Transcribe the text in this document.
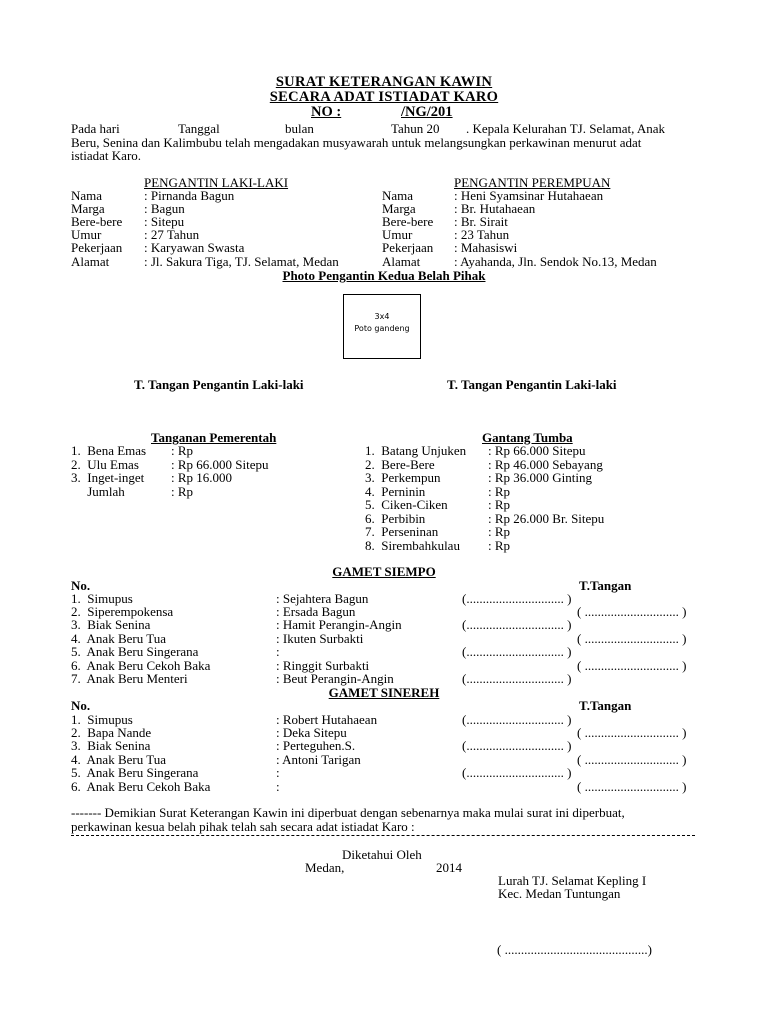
SURAT KETERANGAN KAWIN
SECARA ADAT ISTIADAT KARO
NO :	/NG/201
Pada hari	Tanggal	bulan	Tahun 20 . Kepala Kelurahan TJ. Selamat, Anak
Beru, Senina dan Kalimbubu telah mengadakan musyawarah untuk melangsungkan perkawinan menurut adat
istiadat Karo.
PENGANTIN LAKI-LAKI
Nama	: Pirnanda Bagun
Marga	: Bagun
Bere-bere : Sitepu
Umur	: 27 Tahun
Pekerjaan : Karyawan Swasta
Alamat	: Jl. Sakura Tiga, TJ. Selamat, Medan
PENGANTIN PEREMPUAN
Nama	: Heni Syamsinar Hutahaean
Marga	: Br. Hutahaean
Bere-bere : Br. Sirait
Umur	: 23 Tahun
Pekerjaan : Mahasiswi
Alamat	: Ayahanda, Jln. Sendok No.13, Medan
Photo Pengantin Kedua Belah Pihak
3x4
Poto gandeng
T. Tangan Pengantin Laki-laki	T. Tangan Pengantin Laki-laki
Tanganan Pemerentah
1.  Bena Emas : Rp
2.  Ulu Emas : Rp 66.000 Sitepu
3.  Inget-inget : Rp 16.000
Jumlah	: Rp
Gantang Tumba
1.  Batang Unjuken : Rp 66.000 Sitepu
2.  Bere-Bere	: Rp 46.000 Sebayang
3.  Perkempun	: Rp 36.000 Ginting
4.  Perninin	: Rp
5.  Ciken-Ciken	: Rp
6.  Perbibin	: Rp 26.000 Br. Sitepu
7.  Perseninan	: Rp
8.  Sirembahkulau : Rp
GAMET SIEMPO
No.	T.Tangan
1.  Simupus	: Sejahtera Bagun	(.............................. )
2.  Siperempokensa	: Ersada Bagun	( ............................. )
3.  Biak Senina	: Hamit Perangin-Angin	(.............................. )
4.  Anak Beru Tua	: Ikuten Surbakti	( ............................. )
5.  Anak Beru Singerana	:	(.............................. )
6.  Anak Beru Cekoh Baka	: Ringgit Surbakti	( ............................. )
7.  Anak Beru Menteri	: Beut Perangin-Angin	(.............................. )
GAMET SINEREH
No.	T.Tangan
1.  Simupus	: Robert Hutahaean	(.............................. )
2.  Bapa Nande	: Deka Sitepu	( ............................. )
3.  Biak Senina	: Perteguhen.S.	(.............................. )
4.  Anak Beru Tua	: Antoni Tarigan	( ............................. )
5.  Anak Beru Singerana	:	(.............................. )
6.  Anak Beru Cekoh Baka	:	( ............................. )
------- Demikian Surat Keterangan Kawin ini diperbuat dengan sebenarnya maka mulai surat ini diperbuat,
perkawinan kesua belah pihak telah sah secara adat istiadat Karo :
Diketahui Oleh
Medan,	2014
Lurah TJ. Selamat Kepling I
Kec. Medan Tuntungan
( ............................................)
